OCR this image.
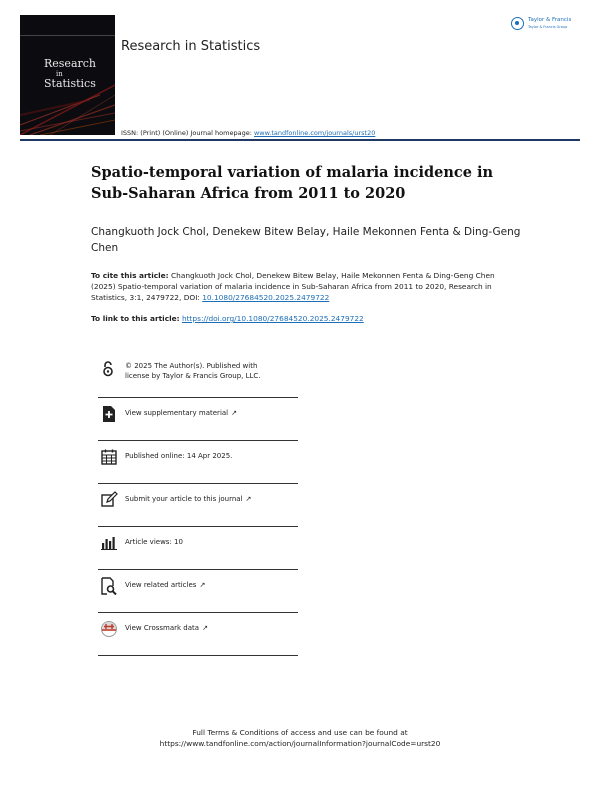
Research
in
Statistics
Research in Statistics
Taylor & Francis
Taylor & Francis Group
ISSN: (Print) (Online) Journal homepage: www.tandfonline.com/journals/urst20
Spatio-temporal variation of malaria incidence in Sub-Saharan Africa from 2011 to 2020
Changkuoth Jock Chol, Denekew Bitew Belay, Haile Mekonnen Fenta & Ding-Geng Chen
To cite this article: Changkuoth Jock Chol, Denekew Bitew Belay, Haile Mekonnen Fenta & Ding-Geng Chen (2025) Spatio-temporal variation of malaria incidence in Sub-Saharan Africa from 2011 to 2020, Research in Statistics, 3:1, 2479722, DOI: 10.1080/27684520.2025.2479722
To link to this article: https://doi.org/10.1080/27684520.2025.2479722
© 2025 The Author(s). Published with
license by Taylor & Francis Group, LLC.
View supplementary material ↗
Published online: 14 Apr 2025.
Submit your article to this journal ↗
Article views: 10
View related articles ↗
View Crossmark data ↗
Full Terms & Conditions of access and use can be found at
https://www.tandfonline.com/action/journalInformation?journalCode=urst20
